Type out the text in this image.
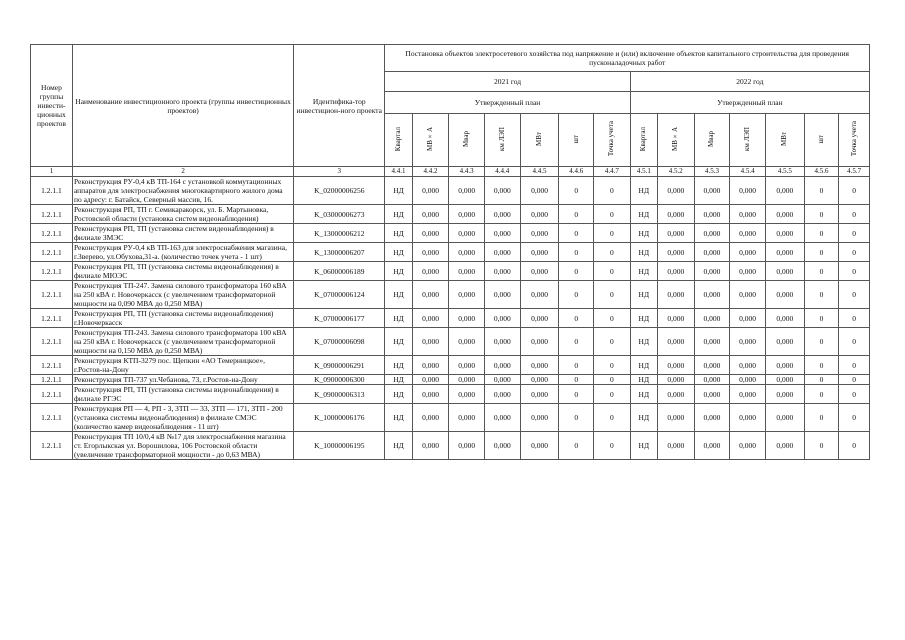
Номер группы инвести-ционных проектов	Наименование инвестиционного проекта (группы инвестиционных проектов)	Идентифика-тор инвестицион-ного проекта	Постановка объектов электросетевого хозяйства под напряжение и (или) включение объектов капитального строительства для проведения пусконаладочных работ													
			2021 год							2022 год						
			Утвержденный план							Утвержденный план						
			Квартал	МВ×А	Мвар	км ЛЭП	МВт	шт	Точка учета	Квартал	МВ×А	Мвар	км ЛЭП	МВт	шт	Точка учета
1	2	3	4.4.1	4.4.2	4.4.3	4.4.4	4.4.5	4.4.6	4.4.7	4.5.1	4.5.2	4.5.3	4.5.4	4.5.5	4.5.6	4.5.7
1.2.1.1	Реконструкция РУ-0,4 кВ ТП-164 с установкой коммутационных аппаратов для электроснабжения многоквартирного жилого дома по адресу: г. Батайск, Северный массив, 16.	K_02000006256	НД	0,000	0,000	0,000	0,000	0	0	НД	0,000	0,000	0,000	0,000	0	0
1.2.1.1	Реконструкция РП, ТП г. Семикаракорск, ул. Б. Мартыновка, Ростовской области (установка систем видеонаблюдения)	K_03000006273	НД	0,000	0,000	0,000	0,000	0	0	НД	0,000	0,000	0,000	0,000	0	0
1.2.1.1	Реконструкция РП, ТП (установка систем видеонаблюдения) в филиале ЗМЭС	K_13000006212	НД	0,000	0,000	0,000	0,000	0	0	НД	0,000	0,000	0,000	0,000	0	0
1.2.1.1	Реконструкция РУ-0,4 кВ ТП-163 для электроснабжения магазина, г.Зверево, ул.Обухова,31-а. (количество точек учета - 1 шт)	K_13000006207	НД	0,000	0,000	0,000	0,000	0	0	НД	0,000	0,000	0,000	0,000	0	0
1.2.1.1	Реконструкция РП, ТП (установка системы видеонаблюдения) в филиале МЮЭС	K_06000006189	НД	0,000	0,000	0,000	0,000	0	0	НД	0,000	0,000	0,000	0,000	0	0
1.2.1.1	Реконструкция ТП-247. Замена силового трансформатора 160 кВА на 250 кВА г. Новочеркасск (с увеличением трансформаторной мощности на 0,090 МВА до 0,250 МВА)	K_07000006124	НД	0,000	0,000	0,000	0,000	0	0	НД	0,000	0,000	0,000	0,000	0	0
1.2.1.1	Реконструкция РП, ТП (установка системы видеонаблюдения) г.Новочеркасск	K_07000006177	НД	0,000	0,000	0,000	0,000	0	0	НД	0,000	0,000	0,000	0,000	0	0
1.2.1.1	Реконструкция ТП-243. Замена силового трансформатора 100 кВА на 250 кВА г. Новочеркасск (с увеличением трансформаторной мощности на 0,150 МВА до 0,250 МВА)	K_07000006098	НД	0,000	0,000	0,000	0,000	0	0	НД	0,000	0,000	0,000	0,000	0	0
1.2.1.1	Реконструкция КТП-3279 пос. Щепкин «АО Темерницкое», г.Ростов-на-Дону	K_09000006291	НД	0,000	0,000	0,000	0,000	0	0	НД	0,000	0,000	0,000	0,000	0	0
1.2.1.1	Реконструкция ТП-737 ул.Чебанова, 73, г.Ростов-на-Дону	K_09000006300	НД	0,000	0,000	0,000	0,000	0	0	НД	0,000	0,000	0,000	0,000	0	0
1.2.1.1	Реконструкция РП, ТП (установка системы видеонаблюдения) в филиале РГЭС	K_09000006313	НД	0,000	0,000	0,000	0,000	0	0	НД	0,000	0,000	0,000	0,000	0	0
1.2.1.1	Реконструкция РП — 4, РП - 3, ЗТП — 33, ЗТП — 171, ЗТП - 200 (установка системы видеонаблюдения) в филиале СМЭС (количество камер видеонаблюдения - 11 шт)	K_10000006176	НД	0,000	0,000	0,000	0,000	0	0	НД	0,000	0,000	0,000	0,000	0	0
1.2.1.1	Реконструкция ТП 10/0,4 кВ №17 для электроснабжения магазина ст. Егорлыкская ул. Ворошилова, 106 Ростовской области (увеличение трансформаторной мощности - до 0,63 МВА)	K_10000006195	НД	0,000	0,000	0,000	0,000	0	0	НД	0,000	0,000	0,000	0,000	0	0
